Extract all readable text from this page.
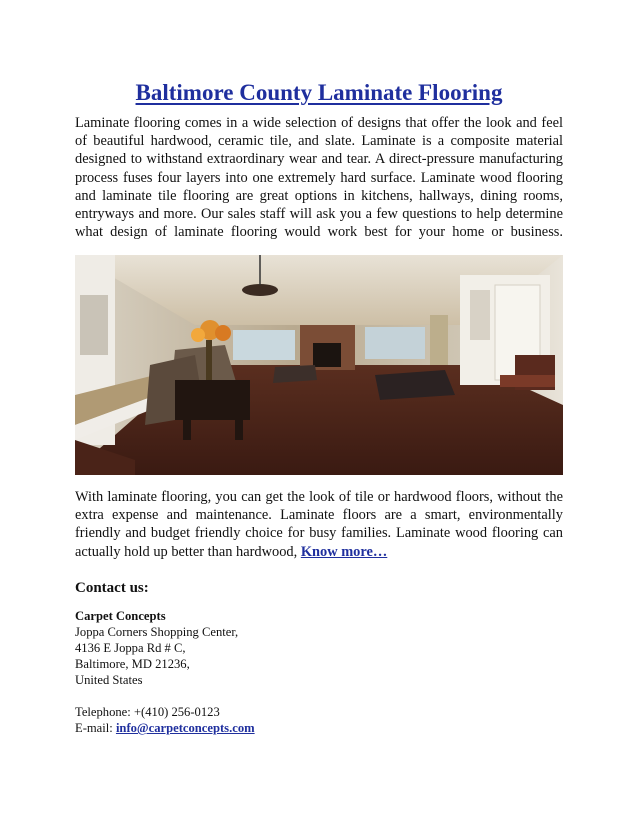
Baltimore County Laminate Flooring

Laminate flooring comes in a wide selection of designs that offer the look and feel of beautiful hardwood, ceramic tile, and slate. Laminate is a composite material designed to withstand extraordinary wear and tear. A direct-pressure manufacturing process fuses four layers into one extremely hard surface. Laminate wood flooring and laminate tile flooring are great options in kitchens, hallways, dining rooms, entryways and more. Our sales staff will ask you a few questions to help determine what design of laminate flooring would work best for your home or business.

With laminate flooring, you can get the look of tile or hardwood floors, without the extra expense and maintenance. Laminate floors are a smart, environmentally friendly and budget friendly choice for busy families. Laminate wood flooring can actually hold up better than hardwood, Know more…

Contact us:
Carpet Concepts
Joppa Corners Shopping Center,
4136 E Joppa Rd # C,
Baltimore, MD 21236,
United States
Telephone: +(410) 256-0123
E-mail: info@carpetconcepts.com
